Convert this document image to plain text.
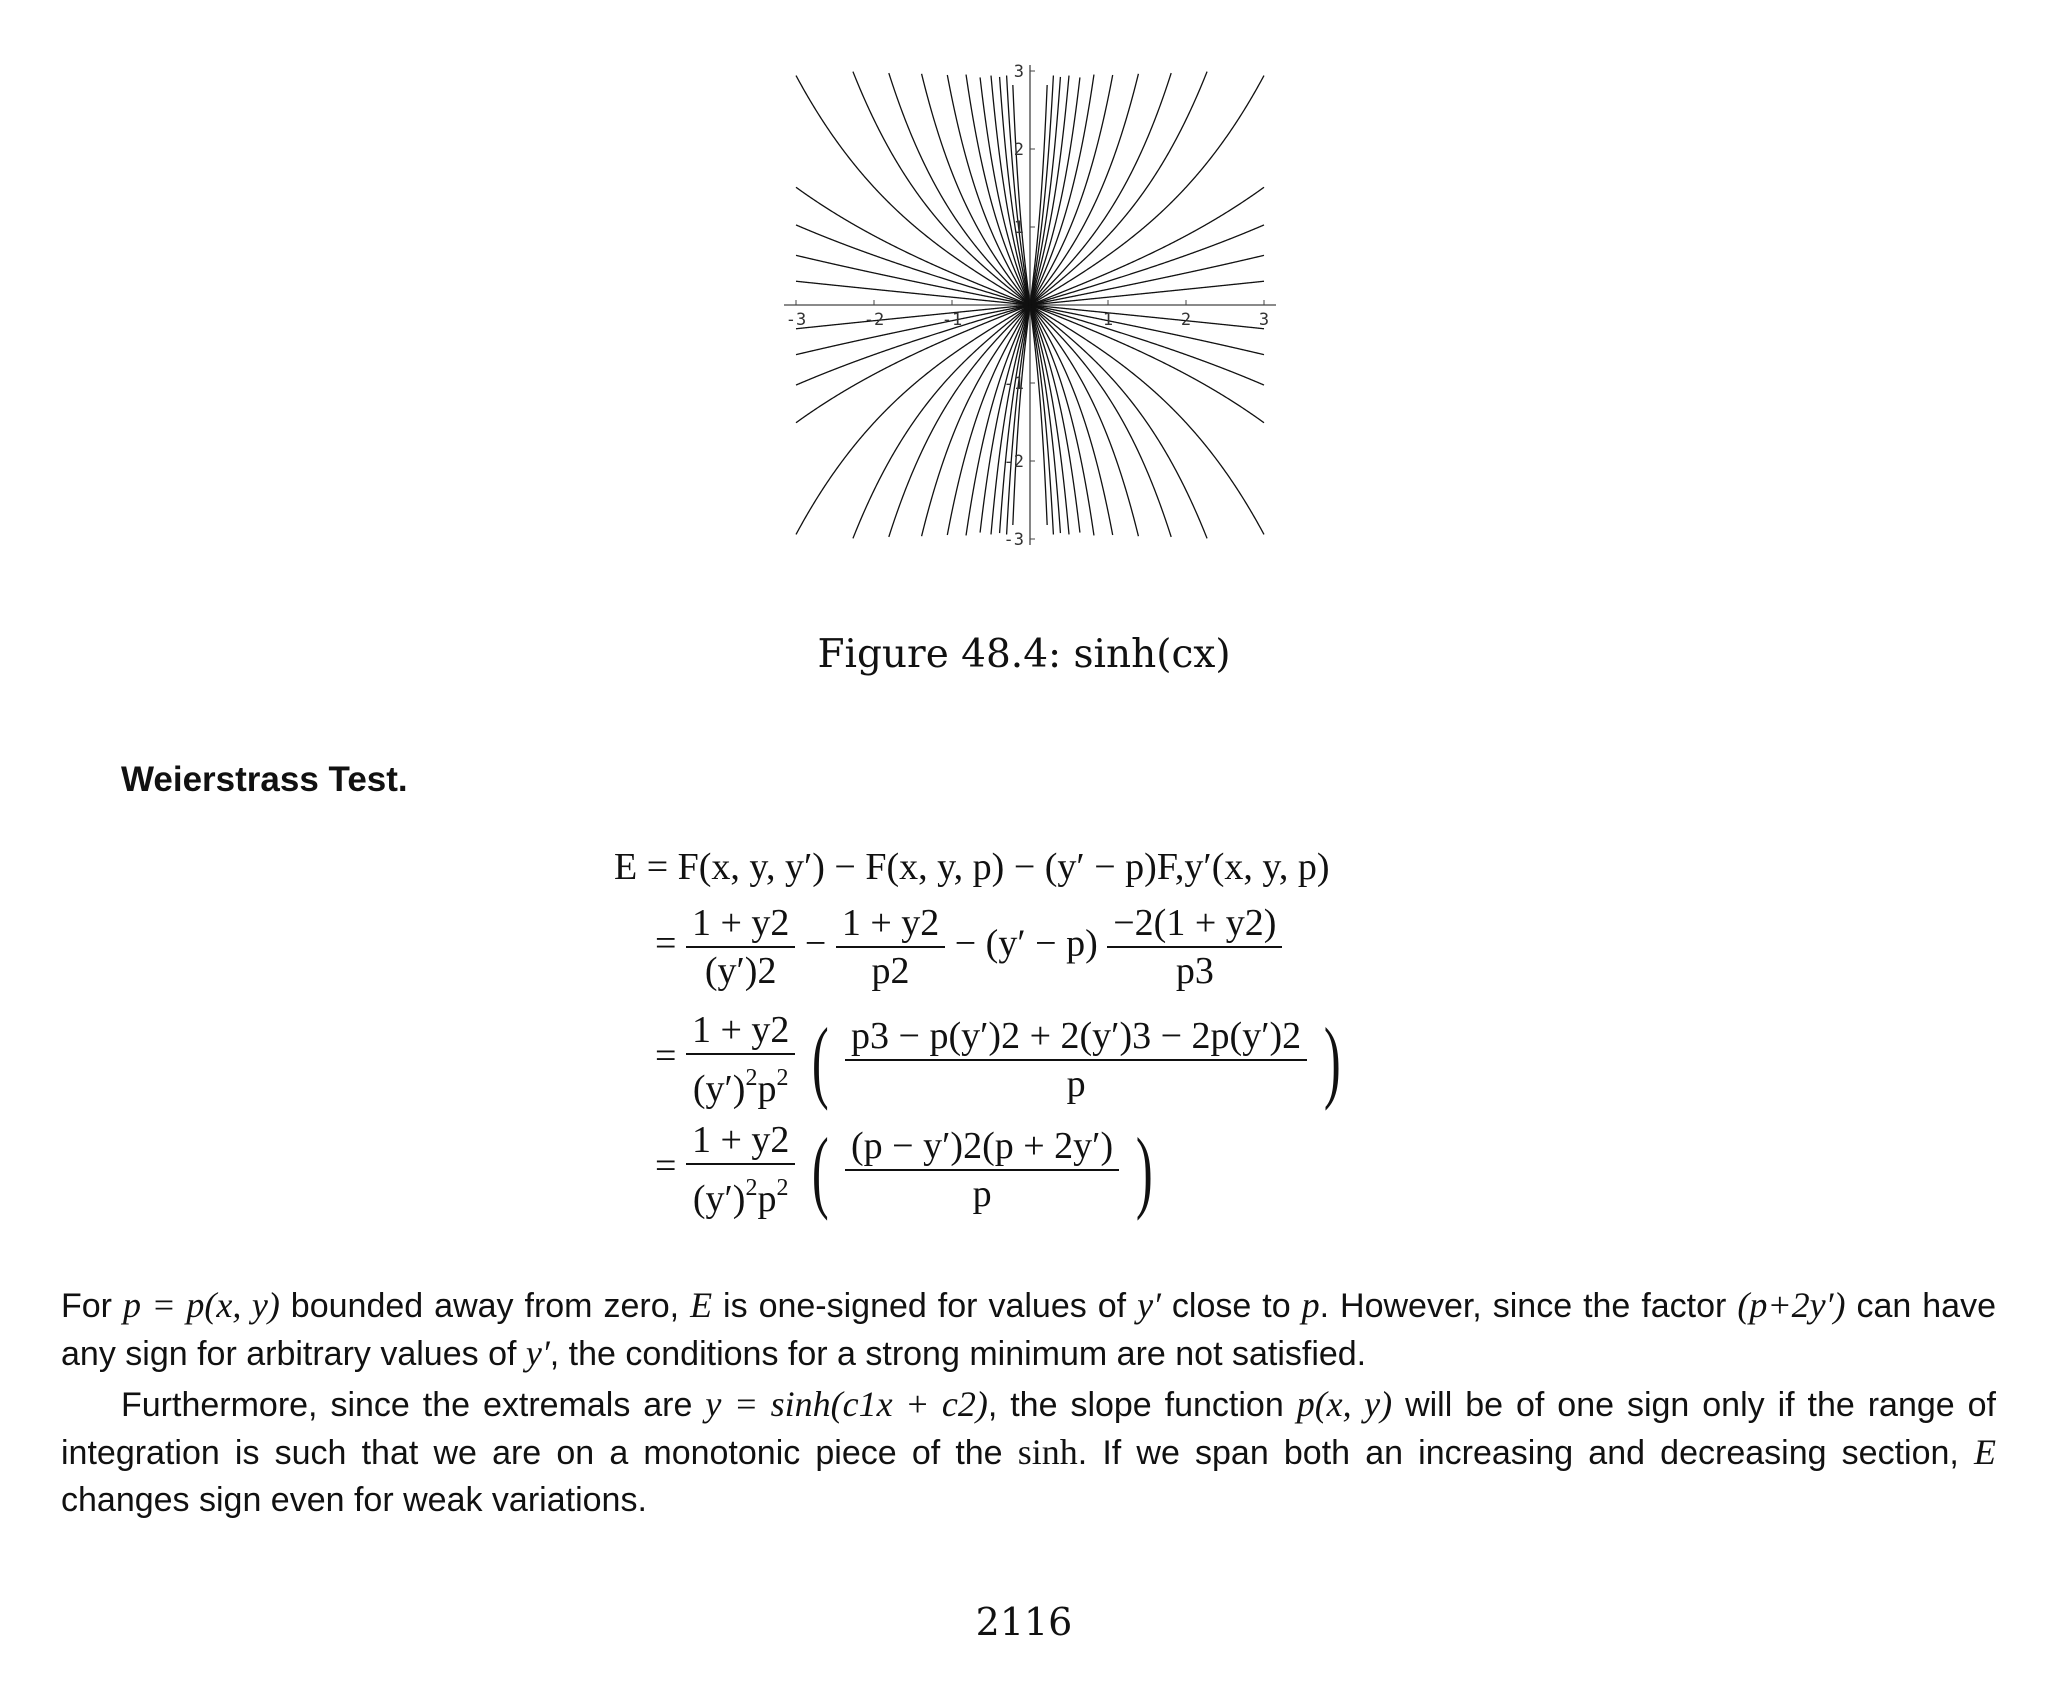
-3	-2	-1	1	2	3
3
2
1
-1
-2
-3
Figure 48.4: sinh(cx)
Weierstrass Test.
E = F(x, y, y′) − F(x, y, p) − (y′ − p)F,y′(x, y, p)
= $\frac{1 + y2}{(y')2} - \frac{1 + y2}{p2} - (y' - p) \frac{-2(1 + y2)}{p3}$
= $\frac{1 + y2}{(y')^2p^2}$ ( $\frac{p3 - p(y')2 + 2(y')3 - 2p(y')2}{p}$ )
= $\frac{1 + y2}{(y')^2p^2}$ ( $\frac{(p - y')2(p + 2y')}{p}$ )
For p = p(x, y) bounded away from zero, E is one-signed for values of y′ close to p. However, since the factor (p+2y′) can have any sign for arbitrary values of y′, the conditions for a strong minimum are not satisfied.
Furthermore, since the extremals are y = sinh(c1x + c2), the slope function p(x, y) will be of one sign only if the range of integration is such that we are on a monotonic piece of the sinh. If we span both an increasing and decreasing section, E changes sign even for weak variations.
2116
